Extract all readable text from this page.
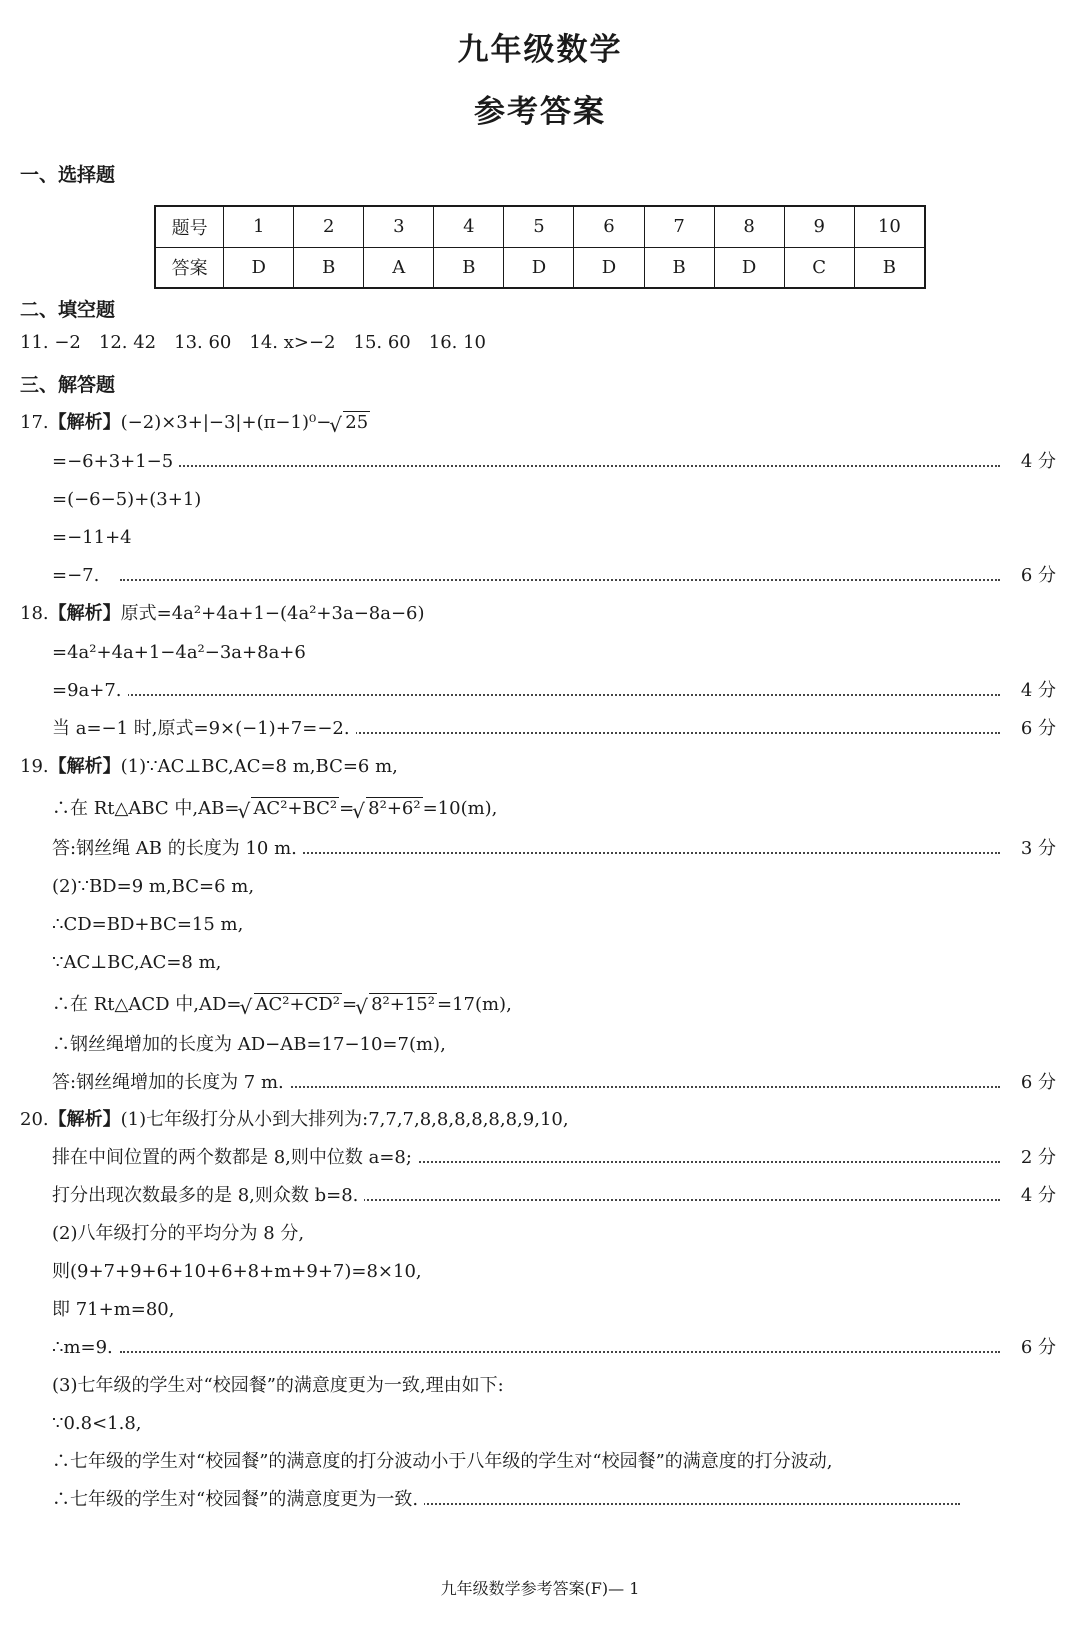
九年级数学
参考答案
一、选择题
题号	1	2	3	4	5	6	7	8	9	10
答案	D	B	A	B	D	D	B	D	C	B
二、填空题
11. −2　12. 42　13. 60　14. x>−2　15. 60　16. 10
三、解答题
17.【解析】(−2)×3+|−3|+(π−1)⁰− √ 25
=−6+3+1−5	4 分
=(−6−5)+(3+1)
=−11+4
=−7.	6 分
18.【解析】原式=4a²+4a+1−(4a²+3a−8a−6)
=4a²+4a+1−4a²−3a+8a+6
=9a+7.	4 分
当 a=−1 时,原式=9×(−1)+7=−2.	6 分
19.【解析】(1)∵AC⊥BC,AC=8 m,BC=6 m,
∴在 Rt△ABC 中,AB= √ AC²+BC² = √ 8²+6² =10(m),
答:钢丝绳 AB 的长度为 10 m.	3 分
(2)∵BD=9 m,BC=6 m,
∴CD=BD+BC=15 m,
∵AC⊥BC,AC=8 m,
∴在 Rt△ACD 中,AD= √ AC²+CD² = √ 8²+15² =17(m),
∴钢丝绳增加的长度为 AD−AB=17−10=7(m),
答:钢丝绳增加的长度为 7 m.	6 分
20.【解析】(1)七年级打分从小到大排列为:7,7,7,8,8,8,8,8,8,9,10,
排在中间位置的两个数都是 8,则中位数 a=8;	2 分
打分出现次数最多的是 8,则众数 b=8.	4 分
(2)八年级打分的平均分为 8 分,
则(9+7+9+6+10+6+8+m+9+7)=8×10,
即 71+m=80,
∴m=9.	6 分
(3)七年级的学生对“校园餐”的满意度更为一致,理由如下:
∵0.8<1.8,
∴七年级的学生对“校园餐”的满意度的打分波动小于八年级的学生对“校园餐”的满意度的打分波动,
∴七年级的学生对“校园餐”的满意度更为一致.
九年级数学参考答案(F)— 1
